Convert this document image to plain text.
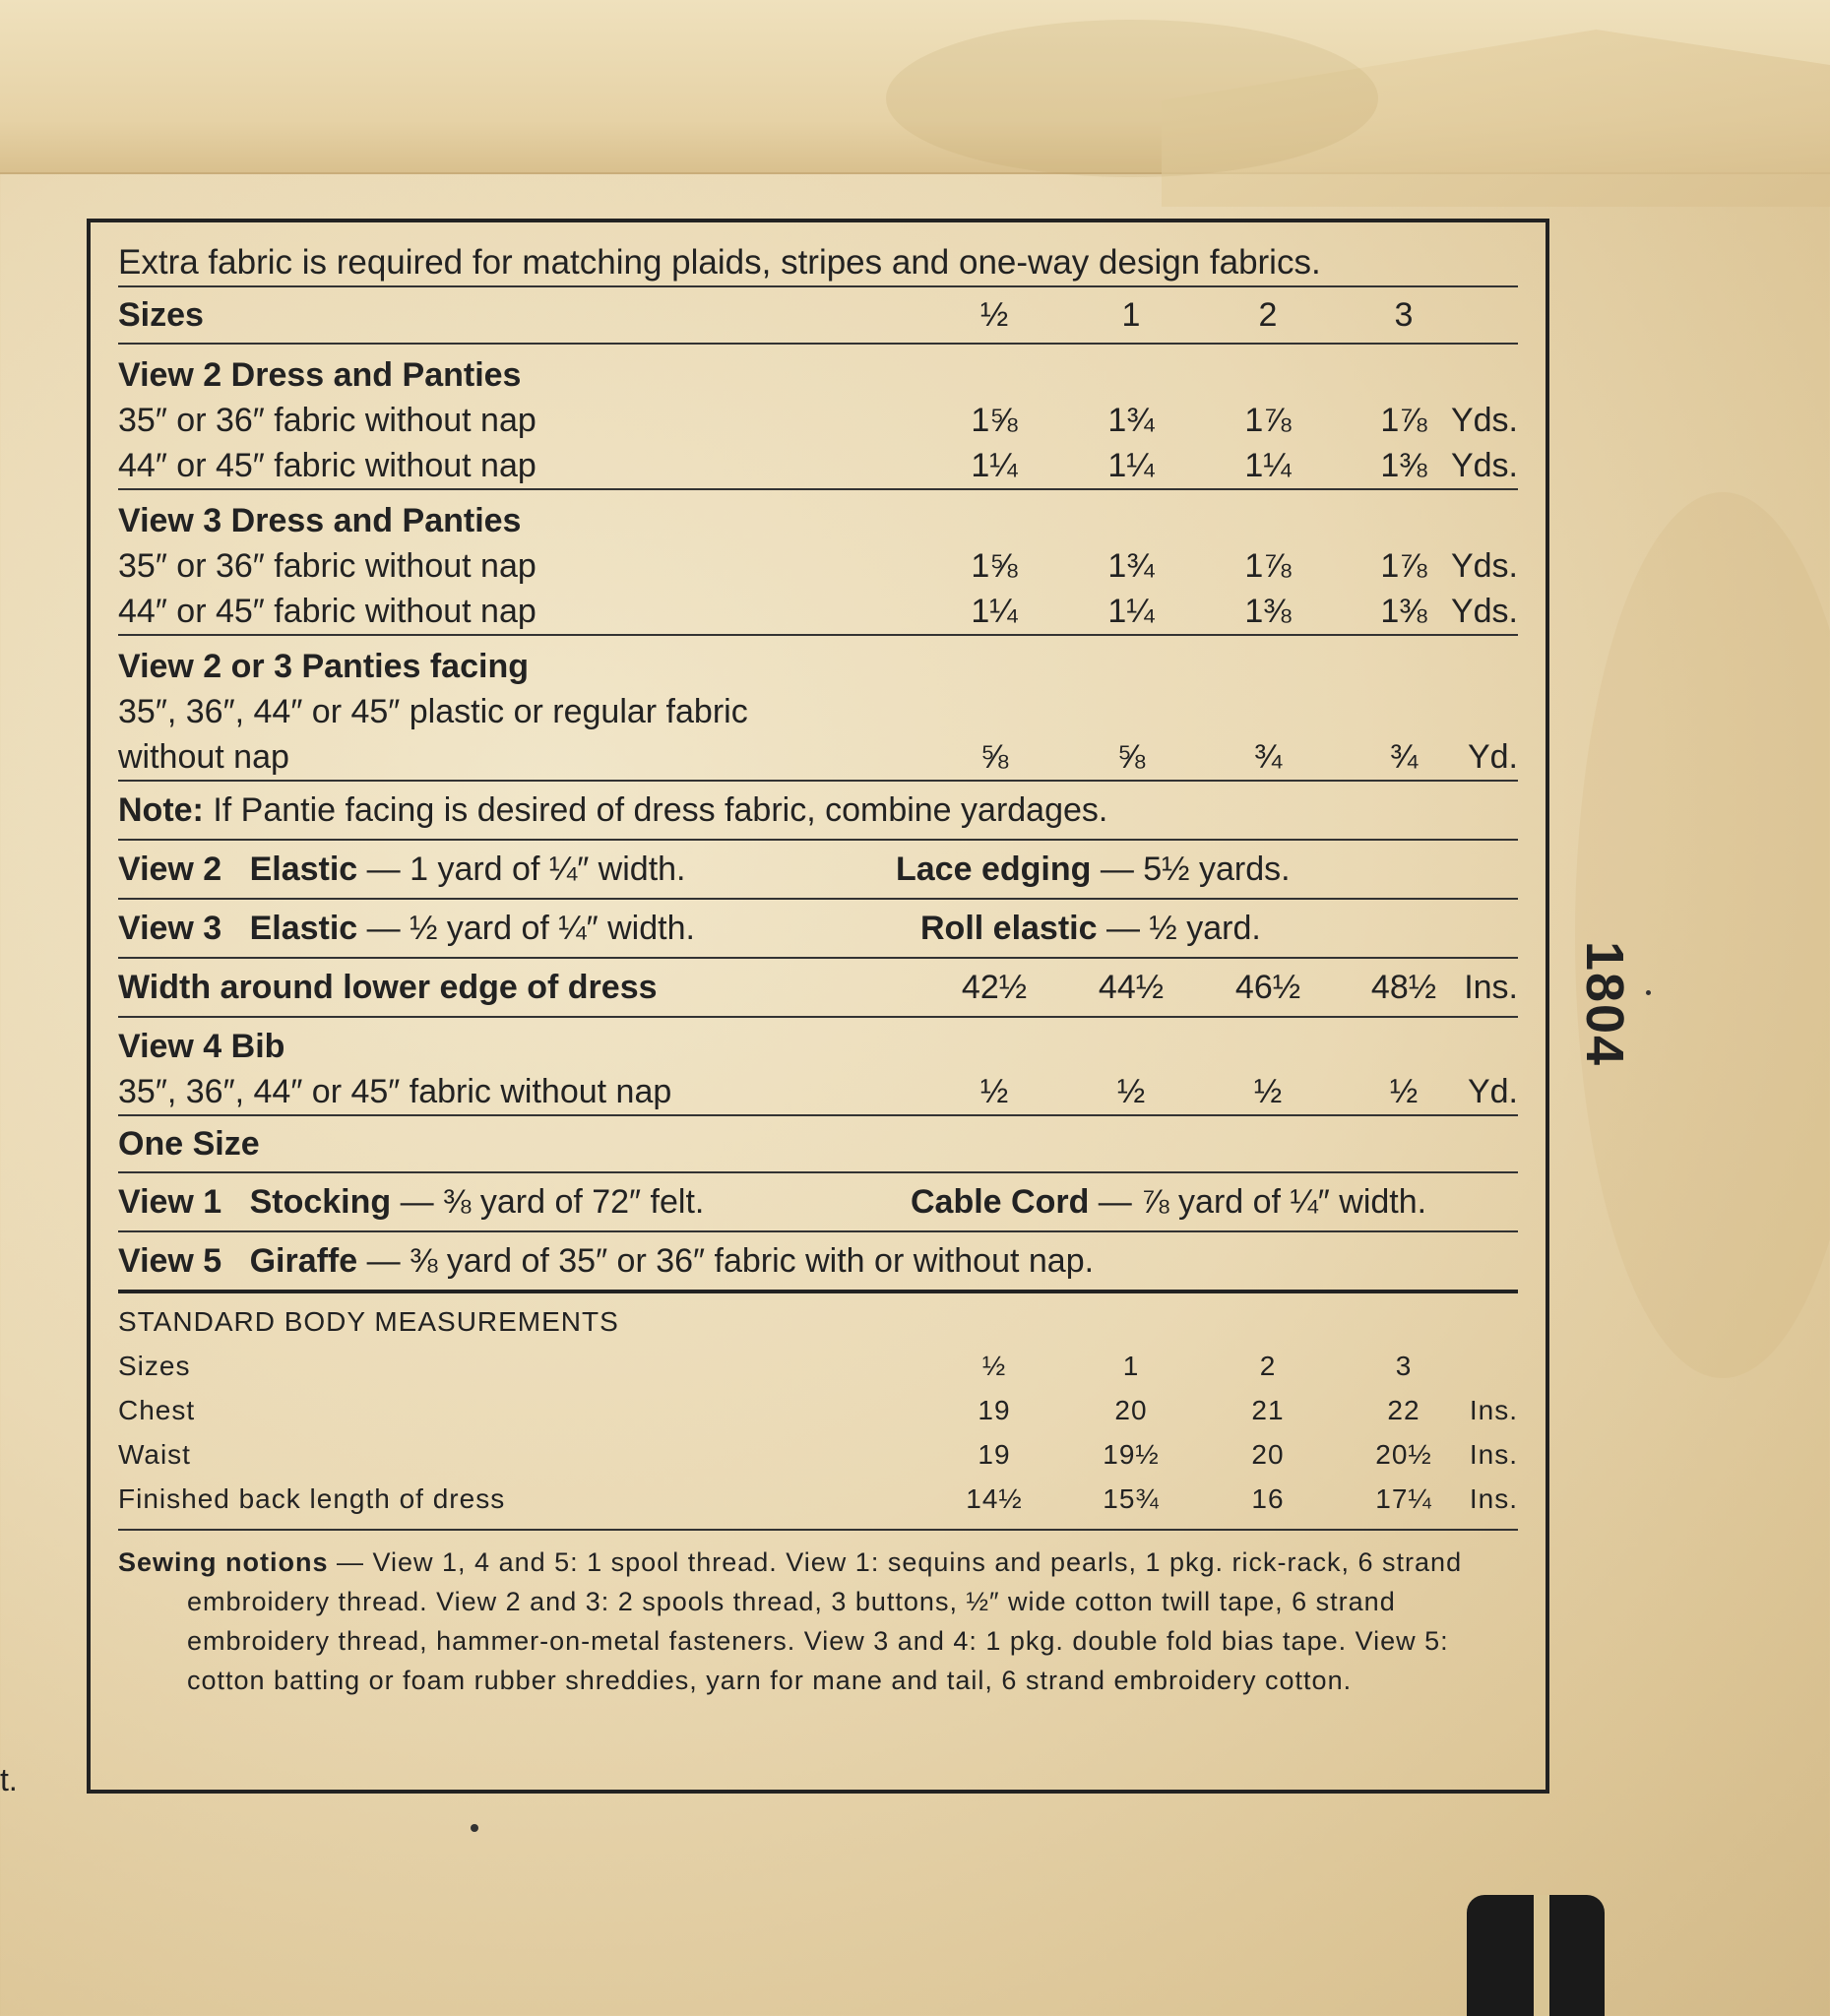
Extra fabric is required for matching plaids, stripes and one-way design fabrics.
Sizes	½	1	2	3
View 2 Dress and Panties
35″ or 36″ fabric without nap	1⅝	1¾	1⅞	1⅞ Yds.
44″ or 45″ fabric without nap	1¼	1¼	1¼	1⅜ Yds.
View 3 Dress and Panties
35″ or 36″ fabric without nap	1⅝	1¾	1⅞	1⅞ Yds.
44″ or 45″ fabric without nap	1¼	1¼	1⅜	1⅜ Yds.
View 2 or 3 Panties facing
35″, 36″, 44″ or 45″ plastic or regular fabric
without nap	⅝	⅝	¾	¾	Yd.
Note: If Pantie facing is desired of dress fabric, combine yardages.
View 2 Elastic — 1 yard of ¼″ width.	Lace edging — 5½ yards.
View 3 Elastic — ½ yard of ¼″ width.	Roll elastic — ½ yard.
Width around lower edge of dress	42½	44½	46½	48½ Ins.
View 4 Bib
35″, 36″, 44″ or 45″ fabric without nap	½	½	½	½	Yd.
One Size
View 1 Stocking — ⅜ yard of 72″ felt.	Cable Cord — ⅞ yard of ¼″ width.
View 5 Giraffe — ⅜ yard of 35″ or 36″ fabric with or without nap.
STANDARD BODY MEASUREMENTS
Sizes	½	1	2	3
Chest	19	20	21	22	Ins.
Waist	19	19½	20	20½	Ins.
Finished back length of dress	14½	15¾	16	17¼	Ins.

Sewing notions — View 1, 4 and 5: 1 spool thread. View 1: sequins and pearls, 1 pkg. rick-rack, 6 strand embroidery thread. View 2 and 3: 2 spools thread, 3 buttons, ½″ wide cotton twill tape, 6 strand embroidery thread, hammer-on-metal fasteners. View 3 and 4: 1 pkg. double fold bias tape. View 5: cotton batting or foam rubber shreddies, yarn for mane and tail, 6 strand embroidery cotton.

1804
t.
